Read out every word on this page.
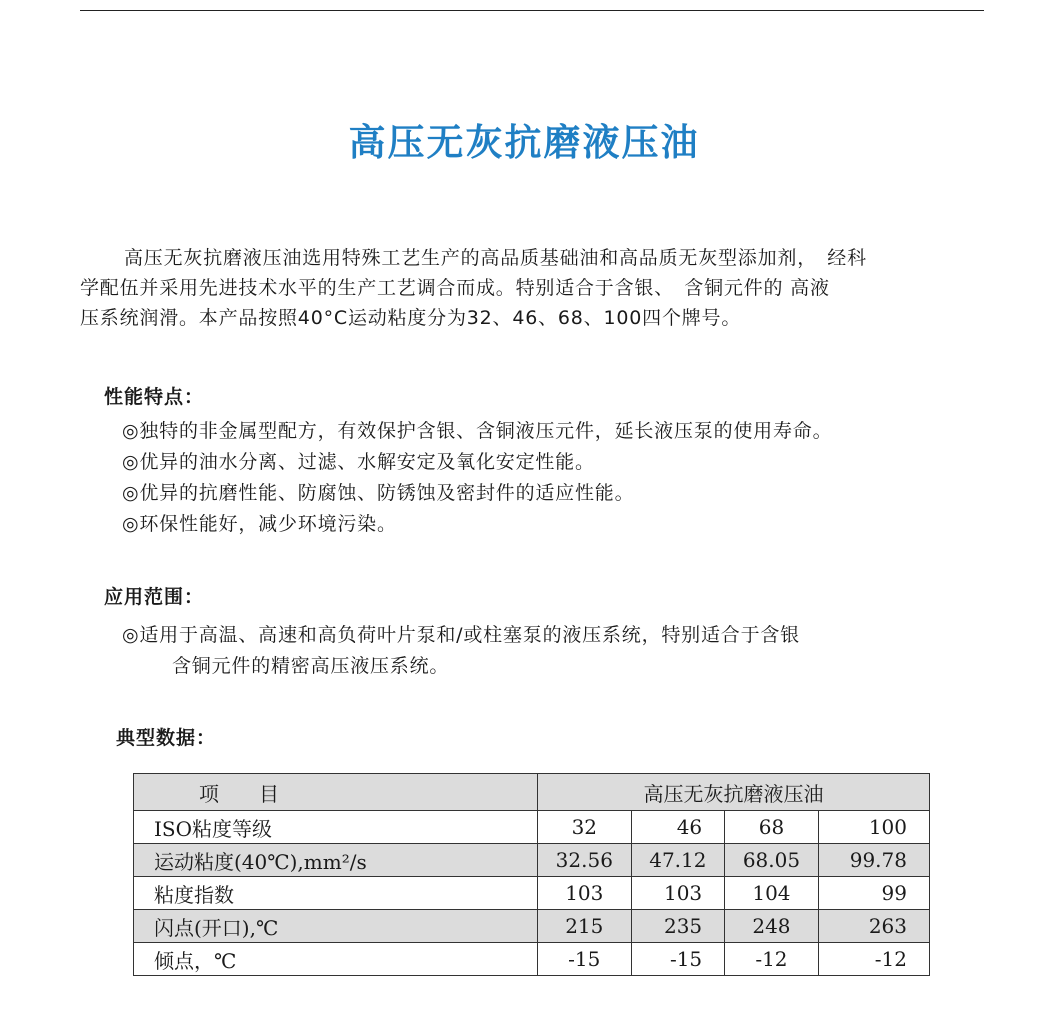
高压无灰抗磨液压油
高压无灰抗磨液压油选用特殊工艺生产的高品质基础油和高品质无灰型添加剂，　经科
学配伍并采用先进技术水平的生产工艺调合而成。特别适合于含银、　含铜元件的 高液
压系统润滑。本产品按照40°C运动粘度分为32、46、68、100四个牌号。
性能特点：
◎独特的非金属型配方，有效保护含银、含铜液压元件，延长液压泵的使用寿命。
◎优异的油水分离、过滤、水解安定及氧化安定性能。
◎优异的抗磨性能、防腐蚀、防锈蚀及密封件的适应性能。
◎环保性能好，减少环境污染。
应用范围：
◎适用于高温、高速和高负荷叶片泵和/或柱塞泵的液压系统，特别适合于含银
含铜元件的精密高压液压系统。
典型数据：
项　　目	高压无灰抗磨液压油			
ISO粘度等级	32	46	68	100
运动粘度(40℃),mm²/s	32.56	47.12	68.05	99.78
粘度指数	103	103	104	99
闪点(开口),℃	215	235	248	263
倾点，℃	-15	-15	-12	-12
